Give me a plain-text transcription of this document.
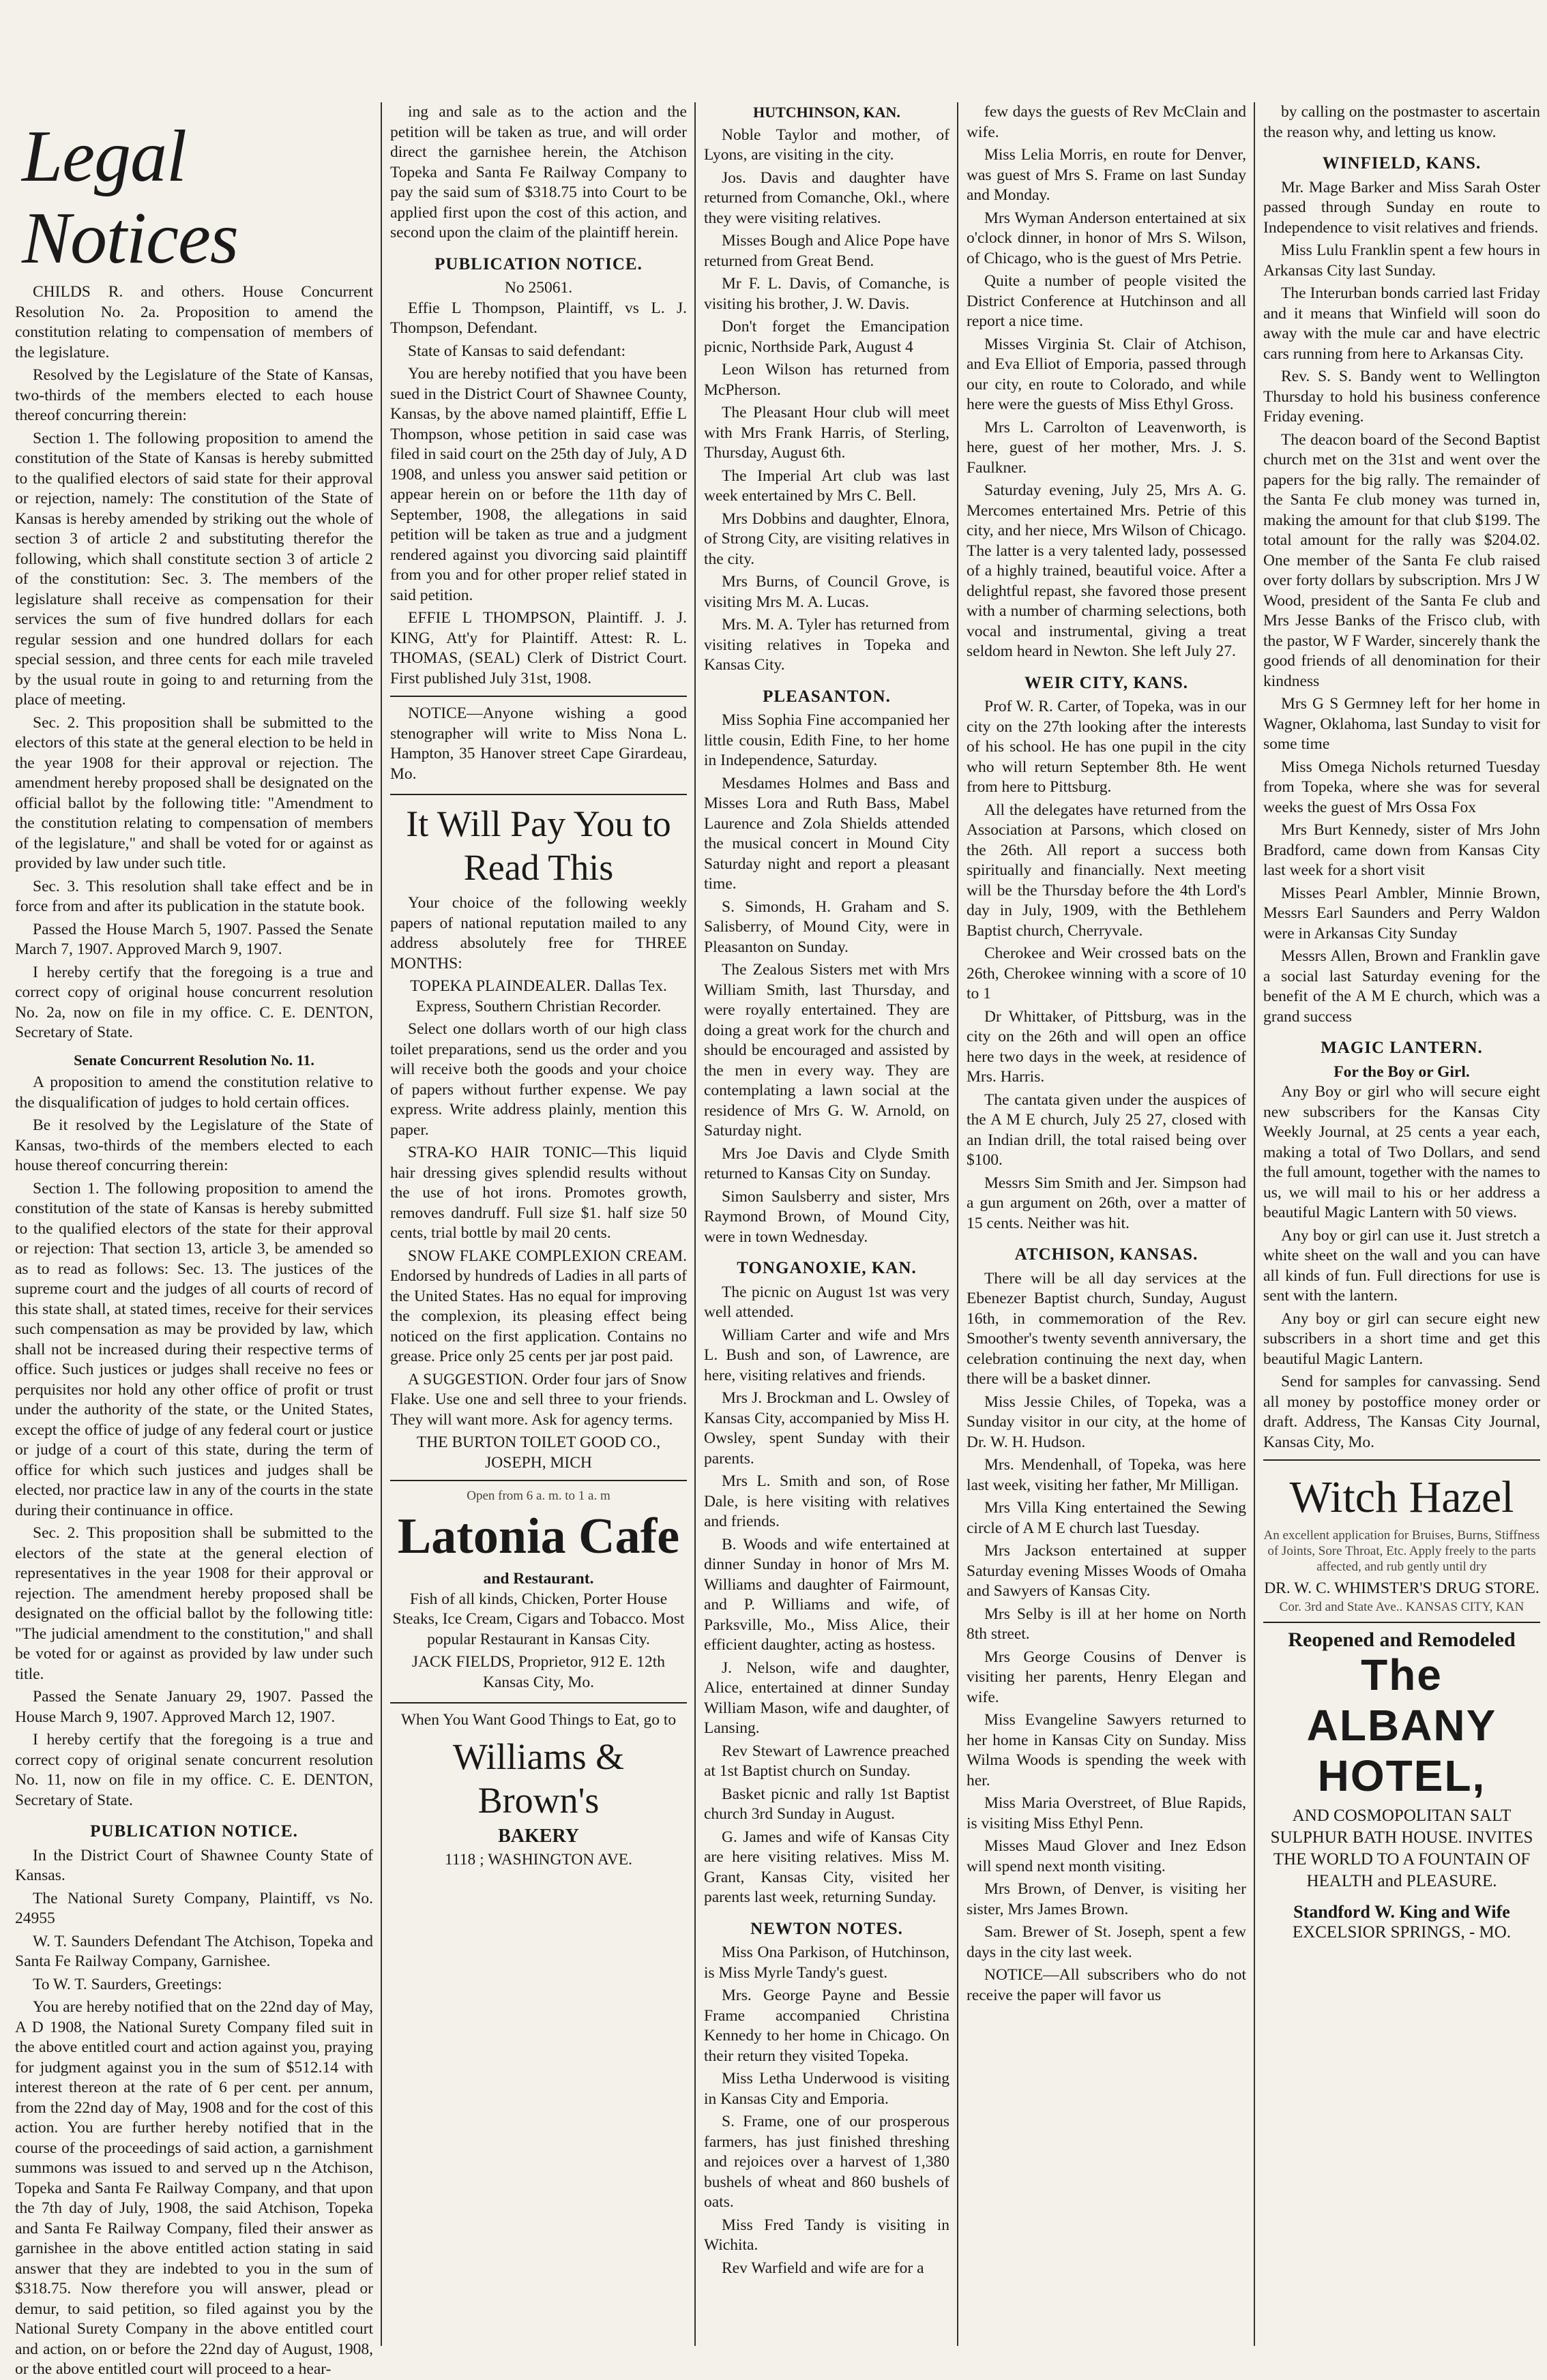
Legal Notices

CHILDS R. and others. House Concurrent Resolution No. 2a. Proposition to amend the constitution relating to compensation of members of the legislature.

Resolved by the Legislature of the State of Kansas, two-thirds of the members elected to each house thereof concurring therein:

Section 1. The following proposition to amend the constitution of the State of Kansas is hereby submitted to the qualified electors of said state for their approval or rejection, namely: The constitution of the State of Kansas is hereby amended by striking out the whole of section 3 of article 2 and substituting therefor the following, which shall constitute section 3 of article 2 of the constitution: Sec. 3. The members of the legislature shall receive as compensation for their services the sum of five hundred dollars for each regular session and one hundred dollars for each special session, and three cents for each mile traveled by the usual route in going to and returning from the place of meeting.

Sec. 2. This proposition shall be submitted to the electors of this state at the general election to be held in the year 1908 for their approval or rejection. The amendment hereby proposed shall be designated on the official ballot by the following title: "Amendment to the constitution relating to compensation of members of the legislature," and shall be voted for or against as provided by law under such title.

Sec. 3. This resolution shall take effect and be in force from and after its publication in the statute book.

Passed the House March 5, 1907. Passed the Senate March 7, 1907. Approved March 9, 1907.

I hereby certify that the foregoing is a true and correct copy of original house concurrent resolution No. 2a, now on file in my office. C. E. DENTON, Secretary of State.

Senate Concurrent Resolution No. 11.

A proposition to amend the constitution relative to the disqualification of judges to hold certain offices.

Be it resolved by the Legislature of the State of Kansas, two-thirds of the members elected to each house thereof concurring therein:

Section 1. The following proposition to amend the constitution of the state of Kansas is hereby submitted to the qualified electors of the state for their approval or rejection: That section 13, article 3, be amended so as to read as follows: Sec. 13. The justices of the supreme court and the judges of all courts of record of this state shall, at stated times, receive for their services such compensation as may be provided by law, which shall not be increased during their respective terms of office. Such justices or judges shall receive no fees or perquisites nor hold any other office of profit or trust under the authority of the state, or the United States, except the office of judge of any federal court or justice or judge of a court of this state, during the term of office for which such justices and judges shall be elected, nor practice law in any of the courts in the state during their continuance in office.

Sec. 2. This proposition shall be submitted to the electors of the state at the general election of representatives in the year 1908 for their approval or rejection. The amendment hereby proposed shall be designated on the official ballot by the following title: "The judicial amendment to the constitution," and shall be voted for or against as provided by law under such title.

Passed the Senate January 29, 1907. Passed the House March 9, 1907. Approved March 12, 1907.

I hereby certify that the foregoing is a true and correct copy of original senate concurrent resolution No. 11, now on file in my office. C. E. DENTON, Secretary of State.

PUBLICATION NOTICE.

In the District Court of Shawnee County State of Kansas.

The National Surety Company, Plaintiff, vs No. 24955

W. T. Saunders Defendant The Atchison, Topeka and Santa Fe Railway Company, Garnishee.

To W. T. Saurders, Greetings:

You are hereby notified that on the 22nd day of May, A D 1908, the National Surety Company filed suit in the above entitled court and action against you, praying for judgment against you in the sum of $512.14 with interest thereon at the rate of 6 per cent. per annum, from the 22nd day of May, 1908 and for the cost of this action. You are further hereby notified that in the course of the proceedings of said action, a garnishment summons was issued to and served up n the Atchison, Topeka and Santa Fe Railway Company, and that upon the 7th day of July, 1908, the said Atchison, Topeka and Santa Fe Railway Company, filed their answer as garnishee in the above entitled action stating in said answer that they are indebted to you in the sum of $318.75. Now therefore you will answer, plead or demur, to said petition, so filed against you by the National Surety Company in the above entitled court and action, on or before the 22nd day of August, 1908, or the above entitled court will proceed to a hear-

ing and sale as to the action and the petition will be taken as true, and will order direct the garnishee herein, the Atchison Topeka and Santa Fe Railway Company to pay the said sum of $318.75 into Court to be applied first upon the cost of this action, and second upon the claim of the plaintiff herein.

PUBLICATION NOTICE.
No 25061.

Effie L Thompson, Plaintiff, vs L. J. Thompson, Defendant.

State of Kansas to said defendant:

You are hereby notified that you have been sued in the District Court of Shawnee County, Kansas, by the above named plaintiff, Effie L Thompson, whose petition in said case was filed in said court on the 25th day of July, A D 1908, and unless you answer said petition or appear herein on or before the 11th day of September, 1908, the allegations in said petition will be taken as true and a judgment rendered against you divorcing said plaintiff from you and for other proper relief stated in said petition.

EFFIE L THOMPSON, Plaintiff. J. J. KING, Att'y for Plaintiff. Attest: R. L. THOMAS, (SEAL) Clerk of District Court. First published July 31st, 1908.

NOTICE—Anyone wishing a good stenographer will write to Miss Nona L. Hampton, 35 Hanover street Cape Girardeau, Mo.

It Will Pay You to Read This

Your choice of the following weekly papers of national reputation mailed to any address absolutely free for THREE MONTHS:

TOPEKA PLAINDEALER. Dallas Tex. Express, Southern Christian Recorder.

Select one dollars worth of our high class toilet preparations, send us the order and you will receive both the goods and your choice of papers without further expense. We pay express. Write address plainly, mention this paper.

STRA-KO HAIR TONIC—This liquid hair dressing gives splendid results without the use of hot irons. Promotes growth, removes dandruff. Full size $1. half size 50 cents, trial bottle by mail 20 cents.

SNOW FLAKE COMPLEXION CREAM. Endorsed by hundreds of Ladies in all parts of the United States. Has no equal for improving the complexion, its pleasing effect being noticed on the first application. Contains no grease. Price only 25 cents per jar post paid.

A SUGGESTION. Order four jars of Snow Flake. Use one and sell three to your friends. They will want more. Ask for agency terms.

THE BURTON TOILET GOOD CO., JOSEPH, MICH

Open from 6 a. m. to 1 a. m
Latonia Cafe
and Restaurant.

Fish of all kinds, Chicken, Porter House Steaks, Ice Cream, Cigars and Tobacco. Most popular Restaurant in Kansas City.

JACK FIELDS, Proprietor, 912 E. 12th Kansas City, Mo.

When You Want Good Things to Eat, go to

Williams & Brown's
BAKERY
1118 ; WASHINGTON AVE.
HUTCHINSON, KAN.

Noble Taylor and mother, of Lyons, are visiting in the city.

Jos. Davis and daughter have returned from Comanche, Okl., where they were visiting relatives.

Misses Bough and Alice Pope have returned from Great Bend.

Mr F. L. Davis, of Comanche, is visiting his brother, J. W. Davis.

Don't forget the Emancipation picnic, Northside Park, August 4

Leon Wilson has returned from McPherson.

The Pleasant Hour club will meet with Mrs Frank Harris, of Sterling, Thursday, August 6th.

The Imperial Art club was last week entertained by Mrs C. Bell.

Mrs Dobbins and daughter, Elnora, of Strong City, are visiting relatives in the city.

Mrs Burns, of Council Grove, is visiting Mrs M. A. Lucas.

Mrs. M. A. Tyler has returned from visiting relatives in Topeka and Kansas City.

PLEASANTON.

Miss Sophia Fine accompanied her little cousin, Edith Fine, to her home in Independence, Saturday.

Mesdames Holmes and Bass and Misses Lora and Ruth Bass, Mabel Laurence and Zola Shields attended the musical concert in Mound City Saturday night and report a pleasant time.

S. Simonds, H. Graham and S. Salisberry, of Mound City, were in Pleasanton on Sunday.

The Zealous Sisters met with Mrs William Smith, last Thursday, and were royally entertained. They are doing a great work for the church and should be encouraged and assisted by the men in every way. They are contemplating a lawn social at the residence of Mrs G. W. Arnold, on Saturday night.

Mrs Joe Davis and Clyde Smith returned to Kansas City on Sunday.

Simon Saulsberry and sister, Mrs Raymond Brown, of Mound City, were in town Wednesday.

TONGANOXIE, KAN.

The picnic on August 1st was very well attended.

William Carter and wife and Mrs L. Bush and son, of Lawrence, are here, visiting relatives and friends.

Mrs J. Brockman and L. Owsley of Kansas City, accompanied by Miss H. Owsley, spent Sunday with their parents.

Mrs L. Smith and son, of Rose Dale, is here visiting with relatives and friends.

B. Woods and wife entertained at dinner Sunday in honor of Mrs M. Williams and daughter of Fairmount, and P. Williams and wife, of Parksville, Mo., Miss Alice, their efficient daughter, acting as hostess.

J. Nelson, wife and daughter, Alice, entertained at dinner Sunday William Mason, wife and daughter, of Lansing.

Rev Stewart of Lawrence preached at 1st Baptist church on Sunday.

Basket picnic and rally 1st Baptist church 3rd Sunday in August.

G. James and wife of Kansas City are here visiting relatives. Miss M. Grant, Kansas City, visited her parents last week, returning Sunday.

NEWTON NOTES.

Miss Ona Parkison, of Hutchinson, is Miss Myrle Tandy's guest.

Mrs. George Payne and Bessie Frame accompanied Christina Kennedy to her home in Chicago. On their return they visited Topeka.

Miss Letha Underwood is visiting in Kansas City and Emporia.

S. Frame, one of our prosperous farmers, has just finished threshing and rejoices over a harvest of 1,380 bushels of wheat and 860 bushels of oats.

Miss Fred Tandy is visiting in Wichita.

Rev Warfield and wife are for a

few days the guests of Rev McClain and wife.

Miss Lelia Morris, en route for Denver, was guest of Mrs S. Frame on last Sunday and Monday.

Mrs Wyman Anderson entertained at six o'clock dinner, in honor of Mrs S. Wilson, of Chicago, who is the guest of Mrs Petrie.

Quite a number of people visited the District Conference at Hutchinson and all report a nice time.

Misses Virginia St. Clair of Atchison, and Eva Elliot of Emporia, passed through our city, en route to Colorado, and while here were the guests of Miss Ethyl Gross.

Mrs L. Carrolton of Leavenworth, is here, guest of her mother, Mrs. J. S. Faulkner.

Saturday evening, July 25, Mrs A. G. Mercomes entertained Mrs. Petrie of this city, and her niece, Mrs Wilson of Chicago. The latter is a very talented lady, possessed of a highly trained, beautiful voice. After a delightful repast, she favored those present with a number of charming selections, both vocal and instrumental, giving a treat seldom heard in Newton. She left July 27.

WEIR CITY, KANS.

Prof W. R. Carter, of Topeka, was in our city on the 27th looking after the interests of his school. He has one pupil in the city who will return September 8th. He went from here to Pittsburg.

All the delegates have returned from the Association at Parsons, which closed on the 26th. All report a success both spiritually and financially. Next meeting will be the Thursday before the 4th Lord's day in July, 1909, with the Bethlehem Baptist church, Cherryvale.

Cherokee and Weir crossed bats on the 26th, Cherokee winning with a score of 10 to 1

Dr Whittaker, of Pittsburg, was in the city on the 26th and will open an office here two days in the week, at residence of Mrs. Harris.

The cantata given under the auspices of the A M E church, July 25 27, closed with an Indian drill, the total raised being over $100.

Messrs Sim Smith and Jer. Simpson had a gun argument on 26th, over a matter of 15 cents. Neither was hit.

ATCHISON, KANSAS.

There will be all day services at the Ebenezer Baptist church, Sunday, August 16th, in commemoration of the Rev. Smoother's twenty seventh anniversary, the celebration continuing the next day, when there will be a basket dinner.

Miss Jessie Chiles, of Topeka, was a Sunday visitor in our city, at the home of Dr. W. H. Hudson.

Mrs. Mendenhall, of Topeka, was here last week, visiting her father, Mr Milligan.

Mrs Villa King entertained the Sewing circle of A M E church last Tuesday.

Mrs Jackson entertained at supper Saturday evening Misses Woods of Omaha and Sawyers of Kansas City.

Mrs Selby is ill at her home on North 8th street.

Mrs George Cousins of Denver is visiting her parents, Henry Elegan and wife.

Miss Evangeline Sawyers returned to her home in Kansas City on Sunday. Miss Wilma Woods is spending the week with her.

Miss Maria Overstreet, of Blue Rapids, is visiting Miss Ethyl Penn.

Misses Maud Glover and Inez Edson will spend next month visiting.

Mrs Brown, of Denver, is visiting her sister, Mrs James Brown.

Sam. Brewer of St. Joseph, spent a few days in the city last week.

NOTICE—All subscribers who do not receive the paper will favor us

by calling on the postmaster to ascertain the reason why, and letting us know.

WINFIELD, KANS.

Mr. Mage Barker and Miss Sarah Oster passed through Sunday en route to Independence to visit relatives and friends.

Miss Lulu Franklin spent a few hours in Arkansas City last Sunday.

The Interurban bonds carried last Friday and it means that Winfield will soon do away with the mule car and have electric cars running from here to Arkansas City.

Rev. S. S. Bandy went to Wellington Thursday to hold his business conference Friday evening.

The deacon board of the Second Baptist church met on the 31st and went over the papers for the big rally. The remainder of the Santa Fe club money was turned in, making the amount for that club $199. The total amount for the rally was $204.02. One member of the Santa Fe club raised over forty dollars by subscription. Mrs J W Wood, president of the Santa Fe club and Mrs Jesse Banks of the Frisco club, with the pastor, W F Warder, sincerely thank the good friends of all denomination for their kindness

Mrs G S Germney left for her home in Wagner, Oklahoma, last Sunday to visit for some time

Miss Omega Nichols returned Tuesday from Topeka, where she was for several weeks the guest of Mrs Ossa Fox

Mrs Burt Kennedy, sister of Mrs John Bradford, came down from Kansas City last week for a short visit

Misses Pearl Ambler, Minnie Brown, Messrs Earl Saunders and Perry Waldon were in Arkansas City Sunday

Messrs Allen, Brown and Franklin gave a social last Saturday evening for the benefit of the A M E church, which was a grand success

MAGIC LANTERN.
For the Boy or Girl.

Any Boy or girl who will secure eight new subscribers for the Kansas City Weekly Journal, at 25 cents a year each, making a total of Two Dollars, and send the full amount, together with the names to us, we will mail to his or her address a beautiful Magic Lantern with 50 views.

Any boy or girl can use it. Just stretch a white sheet on the wall and you can have all kinds of fun. Full directions for use is sent with the lantern.

Any boy or girl can secure eight new subscribers in a short time and get this beautiful Magic Lantern.

Send for samples for canvassing. Send all money by postoffice money order or draft. Address, The Kansas City Journal, Kansas City, Mo.

Witch Hazel
An excellent application for Bruises, Burns, Stiffness of Joints, Sore Throat, Etc. Apply freely to the parts affected, and rub gently until dry
DR. W. C. WHIMSTER'S DRUG STORE.
Cor. 3rd and State Ave.. KANSAS CITY, KAN
Reopened and Remodeled
The ALBANY HOTEL,
AND COSMOPOLITAN SALT SULPHUR BATH HOUSE. INVITES THE WORLD TO A FOUNTAIN OF HEALTH and PLEASURE.
Standford W. King and Wife
EXCELSIOR SPRINGS, - MO.
